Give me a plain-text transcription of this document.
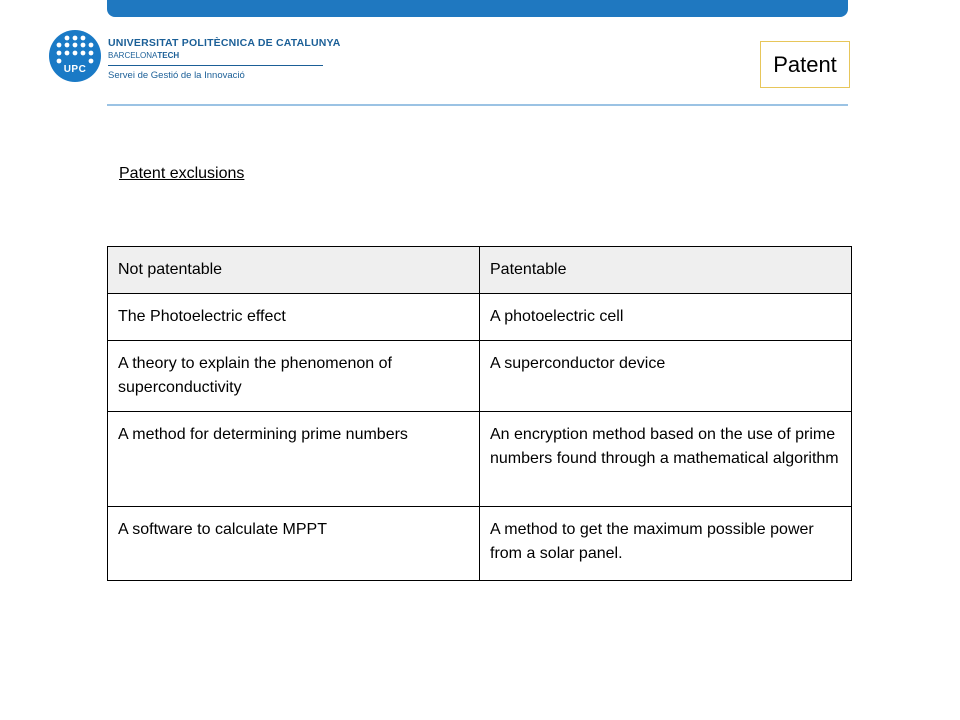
UPC
UNIVERSITAT POLITÈCNICA DE CATALUNYA
BARCELONATECH
Servei de Gestió de la Innovació	Patent
Patent exclusions
Not patentable	Patentable
The Photoelectric effect	A photoelectric cell
A theory to explain the phenomenon of superconductivity	A superconductor device
A method for determining prime numbers	An encryption method based on the use of prime numbers found through a mathematical algorithm
A software to calculate MPPT	A method to get the maximum possible power from a solar panel.
